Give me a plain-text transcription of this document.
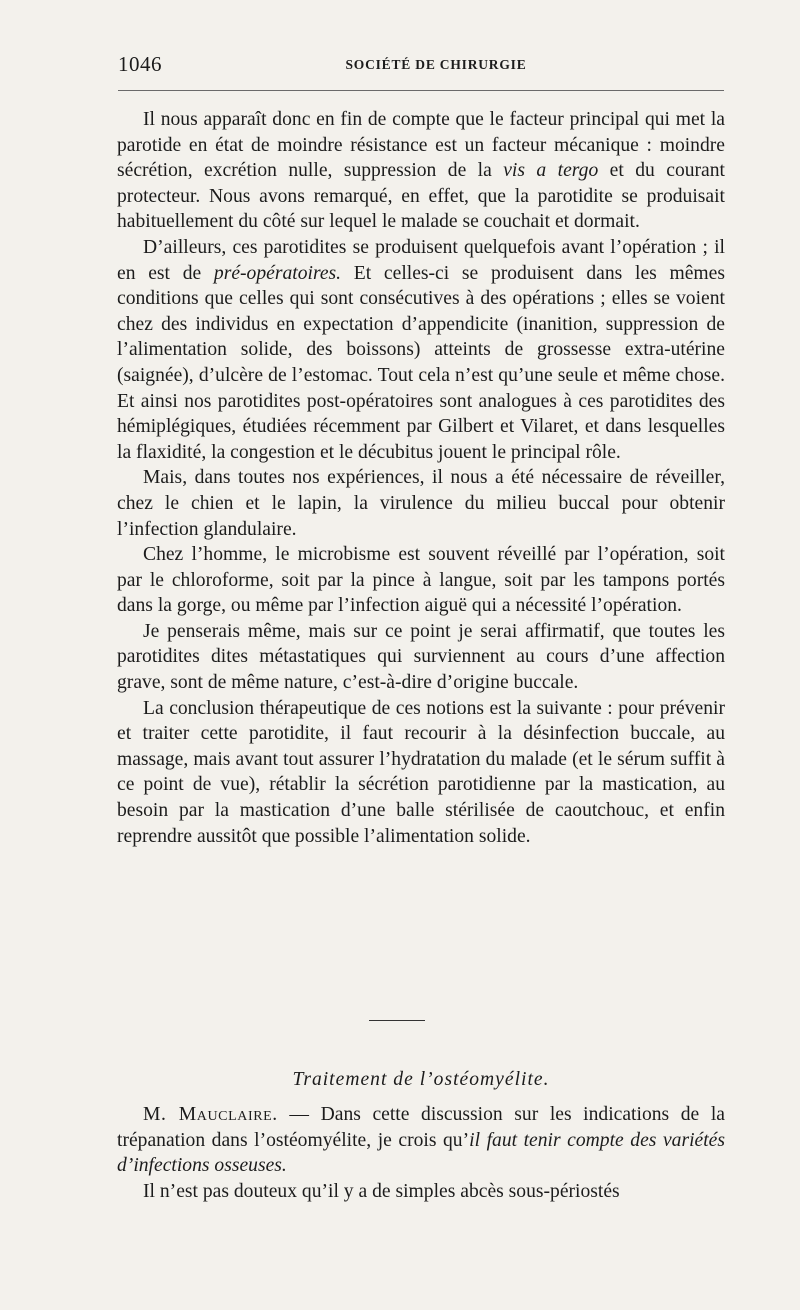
1046	SOCIÉTÉ DE CHIRURGIE

Il nous apparaît donc en fin de compte que le facteur principal qui met la parotide en état de moindre résistance est un facteur mécanique : moindre sécrétion, excrétion nulle, suppression de la vis a tergo et du courant protecteur. Nous avons remarqué, en effet, que la parotidite se produisait habituellement du côté sur lequel le malade se couchait et dormait.

D’ailleurs, ces parotidites se produisent quelquefois avant l’opération ; il en est de pré-opératoires. Et celles-ci se produisent dans les mêmes conditions que celles qui sont consécutives à des opérations ; elles se voient chez des individus en expectation d’appendicite (inanition, suppression de l’alimentation solide, des boissons) atteints de grossesse extra-utérine (saignée), d’ulcère de l’estomac. Tout cela n’est qu’une seule et même chose. Et ainsi nos parotidites post-opératoires sont analogues à ces parotidites des hémiplégiques, étudiées récemment par Gilbert et Vilaret, et dans lesquelles la flaxidité, la congestion et le décubitus jouent le principal rôle.

Mais, dans toutes nos expériences, il nous a été nécessaire de réveiller, chez le chien et le lapin, la virulence du milieu buccal pour obtenir l’infection glandulaire.

Chez l’homme, le microbisme est souvent réveillé par l’opération, soit par le chloroforme, soit par la pince à langue, soit par les tampons portés dans la gorge, ou même par l’infection aiguë qui a nécessité l’opération.

Je penserais même, mais sur ce point je serai affirmatif, que toutes les parotidites dites métastatiques qui surviennent au cours d’une affection grave, sont de même nature, c’est-à-dire d’origine buccale.

La conclusion thérapeutique de ces notions est la suivante : pour prévenir et traiter cette parotidite, il faut recourir à la désinfection buccale, au massage, mais avant tout assurer l’hydratation du malade (et le sérum suffit à ce point de vue), rétablir la sécrétion parotidienne par la mastication, au besoin par la mastication d’une balle stérilisée de caoutchouc, et enfin reprendre aussitôt que possible l’alimentation solide.

Traitement de l’ostéomyélite.

M. Mauclaire. — Dans cette discussion sur les indications de la trépanation dans l’ostéomyélite, je crois qu’il faut tenir compte des variétés d’infections osseuses.

Il n’est pas douteux qu’il y a de simples abcès sous-périostés
